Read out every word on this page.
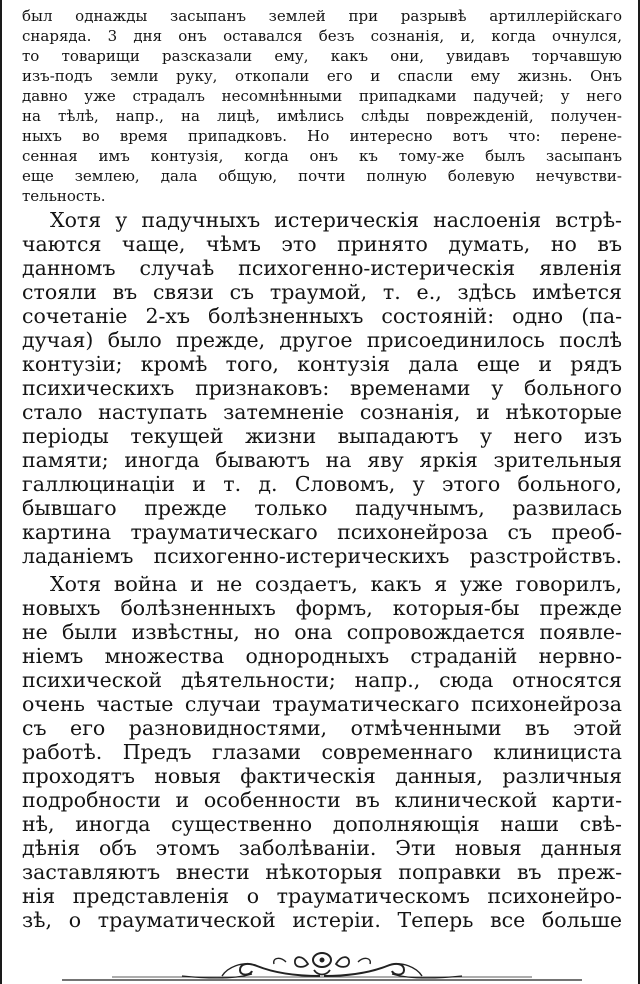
был однажды засыпанъ землей при разрывѣ артиллерійскаго
снаряда. 3 дня онъ оставался безъ сознанія, и, когда очнулся,
то товарищи разсказали ему, какъ они, увидавъ торчавшую
изъ-подъ земли руку, откопали его и спасли ему жизнь. Онъ
давно уже страдалъ несомнѣнными припадками падучей; у него
на тѣлѣ, напр., на лицѣ, имѣлись слѣды поврежденій, получен-
ныхъ во время припадковъ. Но интересно вотъ что: перене-
сенная имъ контузія, когда онъ къ тому-же былъ засыпанъ
еще землею, дала общую, почти полную болевую нечувстви-
тельность.
Хотя у падучныхъ истерическія наслоенія встрѣ-
чаются чаще, чѣмъ это принято думать, но въ
данномъ случаѣ психогенно-истерическія явленія
стояли въ связи съ траумой, т. е., здѣсь имѣется
сочетаніе 2-хъ болѣзненныхъ состояній: одно (па-
дучая) было прежде, другое присоединилось послѣ
контузіи; кромѣ того, контузія дала еще и рядъ
психическихъ признаковъ: временами у больного
стало наступать затемненіе сознанія, и нѣкоторые
періоды текущей жизни выпадаютъ у него изъ
памяти; иногда бываютъ на яву яркія зрительныя
галлюцинаціи и т. д. Словомъ, у этого больного,
бывшаго прежде только падучнымъ, развилась
картина трауматическаго психонейроза съ преоб-
ладаніемъ психогенно-истерическихъ разстройствъ.
Хотя война и не создаетъ, какъ я уже говорилъ,
новыхъ болѣзненныхъ формъ, которыя-бы прежде
не были извѣстны, но она сопровождается появле-
ніемъ множества однородныхъ страданій нервно-
психической дѣятельности; напр., сюда относятся
очень частые случаи трауматическаго психонейроза
съ его разновидностями, отмѣченными въ этой
работѣ. Предъ глазами современнаго клинициста
проходятъ новыя фактическія данныя, различныя
подробности и особенности въ клинической карти-
нѣ, иногда существенно дополняющія наши свѣ-
дѣнія объ этомъ заболѣваніи. Эти новыя данныя
заставляютъ внести нѣкоторыя поправки въ преж-
нія представленія о трауматическомъ психонейро-
зѣ, о трауматической истеріи. Теперь все больше
